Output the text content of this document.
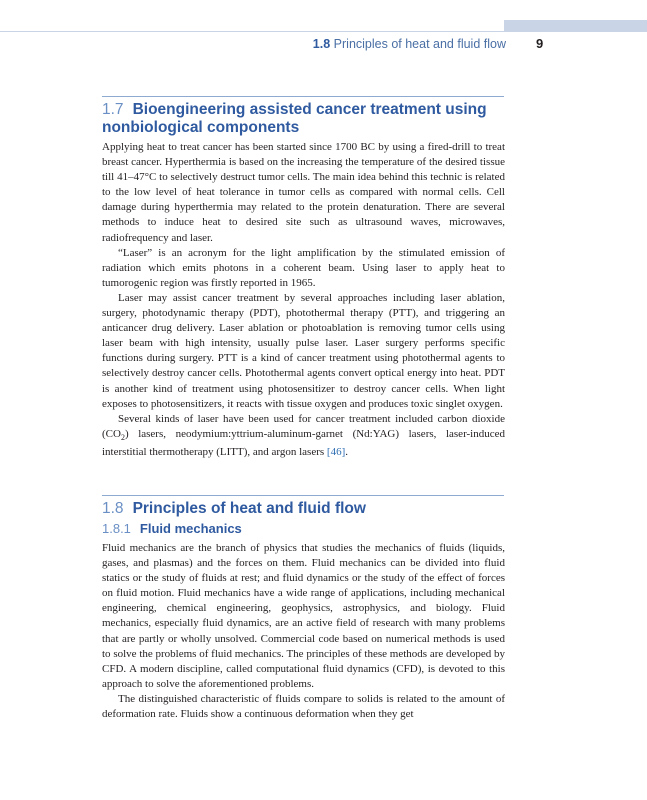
1.8 Principles of heat and fluid flow 9
1.7 Bioengineering assisted cancer treatment using
nonbiological components

Applying heat to treat cancer has been started since 1700 BC by using a fired-drill to treat breast cancer. Hyperthermia is based on the increasing the temperature of the desired tissue till 41–47°C to selectively destruct tumor cells. The main idea behind this technic is related to the low level of heat tolerance in tumor cells as compared with normal cells. Cell damage during hyperthermia may related to the protein denaturation. There are several methods to induce heat to desired site such as ultrasound waves, microwaves, radiofrequency and laser.

“Laser” is an acronym for the light amplification by the stimulated emission of radiation which emits photons in a coherent beam. Using laser to apply heat to tumorogenic region was firstly reported in 1965.

Laser may assist cancer treatment by several approaches including laser ablation, surgery, photodynamic therapy (PDT), photothermal therapy (PTT), and triggering an anticancer drug delivery. Laser ablation or photoablation is removing tumor cells using laser beam with high intensity, usually pulse laser. Laser surgery performs specific functions during surgery. PTT is a kind of cancer treatment using photothermal agents to selectively destroy cancer cells. Photothermal agents convert optical energy into heat. PDT is another kind of treatment using photosensitizer to destroy cancer cells. When light exposes to photosensitizers, it reacts with tissue oxygen and produces toxic singlet oxygen.

Several kinds of laser have been used for cancer treatment included carbon dioxide $(CO_2)$ lasers, neodymium:yttrium-aluminum-garnet (Nd:YAG) lasers, laser-induced interstitial thermotherapy (LITT), and argon lasers [46].

1.8 Principles of heat and fluid flow
1.8.1 Fluid mechanics

Fluid mechanics are the branch of physics that studies the mechanics of fluids (liquids, gases, and plasmas) and the forces on them. Fluid mechanics can be divided into fluid statics or the study of fluids at rest; and fluid dynamics or the study of the effect of forces on fluid motion. Fluid mechanics have a wide range of applications, including mechanical engineering, chemical engineering, geophysics, astrophysics, and biology. Fluid mechanics, especially fluid dynamics, are an active field of research with many problems that are partly or wholly unsolved. Commercial code based on numerical methods is used to solve the problems of fluid mechanics. The principles of these methods are developed by CFD. A modern discipline, called computational fluid dynamics (CFD), is devoted to this approach to solve the aforementioned problems.

The distinguished characteristic of fluids compare to solids is related to the amount of deformation rate. Fluids show a continuous deformation when they get
